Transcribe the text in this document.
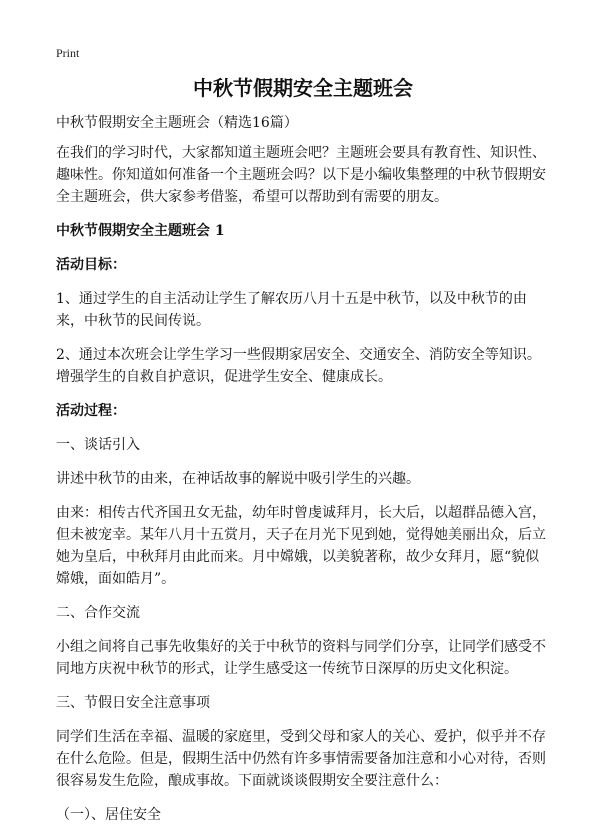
Print
中秋节假期安全主题班会

中秋节假期安全主题班会（精选16篇）

在我们的学习时代，大家都知道主题班会吧？主题班会要具有教育性、知识性、趣味性。你知道如何准备一个主题班会吗？以下是小编收集整理的中秋节假期安全主题班会，供大家参考借鉴，希望可以帮助到有需要的朋友。

中秋节假期安全主题班会 1

活动目标：

1、通过学生的自主活动让学生了解农历八月十五是中秋节，以及中秋节的由来，中秋节的民间传说。

2、通过本次班会让学生学习一些假期家居安全、交通安全、消防安全等知识。增强学生的自救自护意识，促进学生安全、健康成长。

活动过程：

一、谈话引入

讲述中秋节的由来，在神话故事的解说中吸引学生的兴趣。

由来：相传古代齐国丑女无盐，幼年时曾虔诚拜月，长大后，以超群品德入宫，但未被宠幸。某年八月十五赏月，天子在月光下见到她，觉得她美丽出众，后立她为皇后，中秋拜月由此而来。月中嫦娥，以美貌著称，故少女拜月，愿“貌似嫦娥，面如皓月”。

二、合作交流

小组之间将自己事先收集好的关于中秋节的资料与同学们分享，让同学们感受不同地方庆祝中秋节的形式，让学生感受这一传统节日深厚的历史文化积淀。

三、节假日安全注意事项

同学们生活在幸福、温暖的家庭里，受到父母和家人的关心、爱护，似乎并不存在什么危险。但是，假期生活中仍然有许多事情需要备加注意和小心对待，否则很容易发生危险，酿成事故。下面就谈谈假期安全要注意什么：

（一）、居住安全
